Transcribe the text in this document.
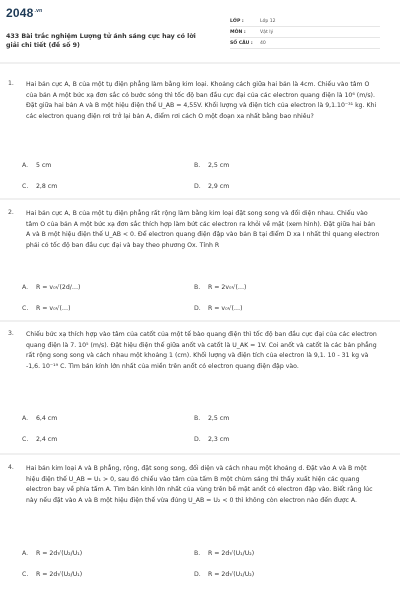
$2048^{.vn}$
433 Bài trắc nghiệm Lượng tử ánh sáng cực hay có lời giải chi tiết (đề số 9)
LỚP :	Lớp 12
MÔN :	Vật lý
SỐ CÂU :	40
1. Hai bản cực A, B của một tụ điện phẳng làm bằng kim loại. Khoảng cách giữa hai bản là 4cm. Chiếu vào tâm O của bản A một bức xạ đơn sắc có bước sóng thì tốc độ ban đầu cực đại của các electron quang điện là 10⁶ (m/s). Đặt giữa hai bản A và B một hiệu điện thế U_AB = 4,55V. Khối lượng và điện tích của electron là 9,1.10⁻³¹ kg. Khi các electron quang điện rơi trở lại bản A, điểm rơi cách O một đoạn xa nhất bằng bao nhiêu?
A. 5 cm	B. 2,5 cm
C. 2,8 cm	D. 2,9 cm
2. Hai bản cực A, B của một tụ điện phẳng rất rộng làm bằng kim loại đặt song song và đối diện nhau. Chiếu vào tâm O của bản A một bức xạ đơn sắc thích hợp làm bứt các electron ra khỏi về mặt (xem hình). Đặt giữa hai bản A và B một hiệu điện thế U_AB < 0. Để electron quang điện đập vào bản B tại điểm D xa I nhất thì quang electron phải có tốc độ ban đầu cực đại và bay theo phương Ox. Tính R
A. R = v₀√(2d/…)	B. R = 2v₀√(…)
C. R = v₀√(…)	D. R = v₀√(…)
3. Chiếu bức xạ thích hợp vào tâm của catốt của một tế bào quang điện thì tốc độ ban đầu cực đại của các electron quang điện là 7. 10⁵ (m/s). Đặt hiệu điện thế giữa anốt và catốt là U_AK = 1V. Coi anốt và catốt là các bản phẳng rất rộng song song và cách nhau một khoảng 1 (cm). Khối lượng và điện tích của electron là 9,1. 10 - 31 kg và -1,6. 10⁻¹⁹ C. Tìm bán kính lớn nhất của miền trên anốt có electron quang điện đập vào.
A. 6,4 cm	B. 2,5 cm
C. 2,4 cm	D. 2,3 cm
4. Hai bản kim loại A và B phẳng, rộng, đặt song song, đối diện và cách nhau một khoảng d. Đặt vào A và B một hiệu điện thế U_AB = U₁ > 0, sau đó chiếu vào tâm của tấm B một chùm sáng thì thấy xuất hiện các quang electron bay về phía tấm A. Tìm bán kính lớn nhất của vùng trên bề mặt anốt có electron đập vào. Biết rằng lúc này nếu đặt vào A và B một hiệu điện thế vừa đúng U_AB = U₂ < 0 thì không còn electron nào đến được A.
A. R = 2d√(U₂/U₁)	B. R = 2d√(U₁/U₂)
C. R = 2d√(U₂/U₁)	D. R = 2d√(U₁/U₂)
